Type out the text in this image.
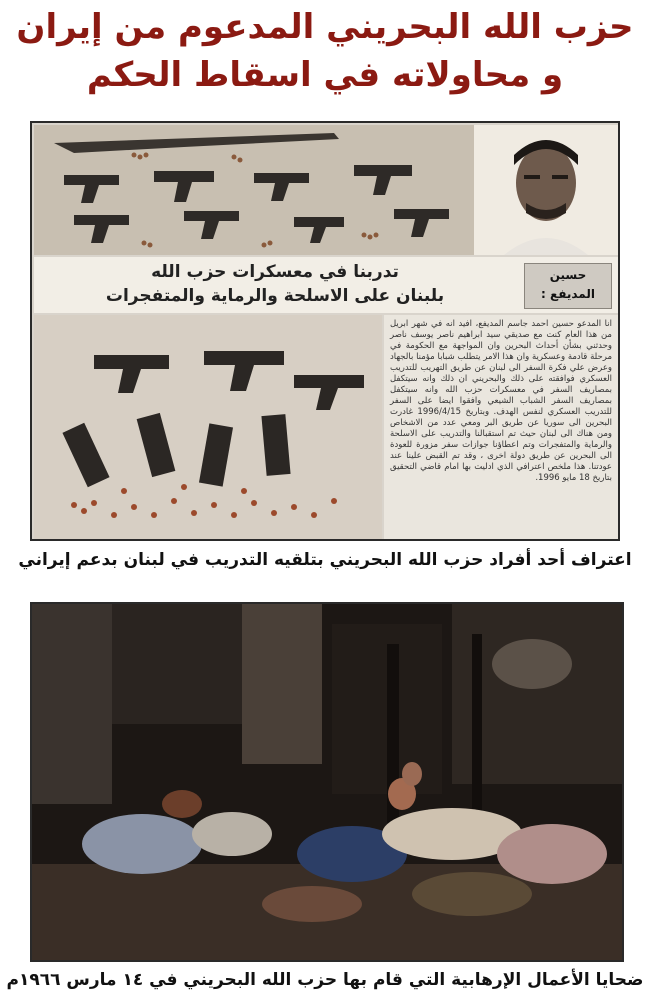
حزب الله البحريني المدعوم من إيران
و محاولاته في اسقاط الحكم
تدربنا في معسكرات حزب الله
بلبنان على الاسلحة والرماية والمتفجرات
حسين
المديفع :
انا المدعو حسين احمد جاسم المديفع، افيد انه في شهر ابريل من هذا العام كنت مع صديقي سيد ابراهيم ناصر يوسف ناصر وحدثني بشأن أحداث البحرين وان المواجهة مع الحكومة في مرحلة قادمة وعسكرية وان هذا الامر يتطلب شبابا مؤمنا بالجهاد وعرض علي فكرة السفر الى لبنان عن طريق التهريب للتدريب العسكري فوافقته على ذلك والبحريني ان ذلك وانه سيتكفل بمصاريف السفر في معسكرات حزب الله وانه سيتكفل بمصاريف السفر الشباب الشيعي وافقوا ايضا على السفر للتدريب العسكري لنفس الهدف. وبتاريخ 1996/4/15 غادرت البحرين الى سوريا عن طريق البر ومعي عدد من الاشخاص ومن هناك الى لبنان حيث تم استقبالنا والتدريب على الاسلحة والرماية والمتفجرات وتم اعطاؤنا جوازات سفر مزورة للعودة الى البحرين عن طريق دولة اخرى ، وقد تم القبض علينا عند عودتنا. هذا ملخص اعترافي الذي ادليت بها امام قاضي التحقيق بتاريخ 18 مايو 1996.
اعتراف أحد أفراد حزب الله البحريني بتلقيه التدريب في لبنان بدعم إيراني
ضحايا الأعمال الإرهابية التي قام بها حزب الله البحريني في ١٤ مارس ١٩٦٦م
